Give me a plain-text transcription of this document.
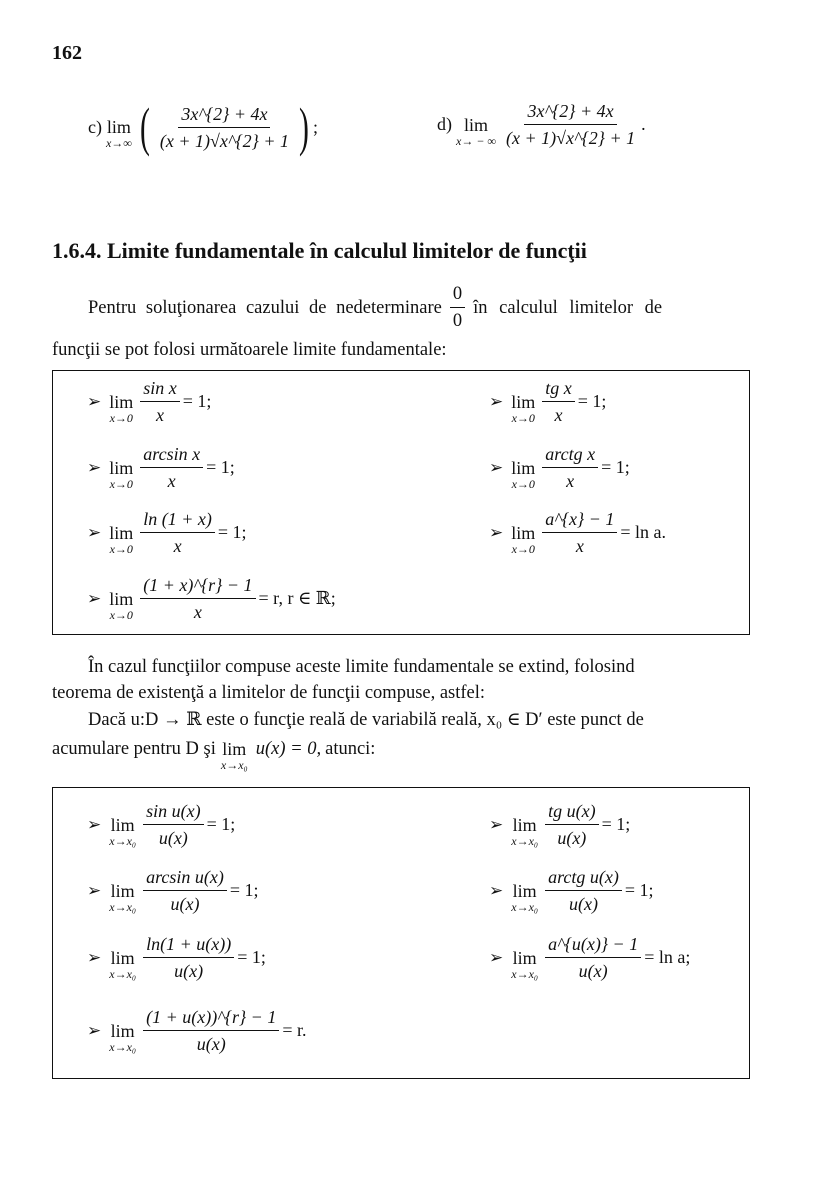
162
c) lim
x→∞ ( $\frac{3x\^{}\{2\} + 4x}{(x + 1)√x\^{}\{2\} + 1}$ ) ;	d) lim
x→ − ∞ $\frac{3x\^{}\{2\} + 4x}{(x + 1)√x\^{}\{2\} + 1}$ .
1.6.4. Limite fundamentale în calculul limitelor de funcţii
Pentru soluţionarea cazului de nedeterminare $\frac{0}{0}$ în calculul limitelor de
funcţii se pot folosi următoarele limite fundamentale:
➢ lim
$x\to 0 \frac{\text{sin x}}{x} = 1$;	➢ lim
$x\to 0 \frac{\text{tg x}}{x} = 1$;
➢ lim
$x\to 0 \frac{\text{arcsin x}}{x} = 1$;	➢ lim
$x\to 0 \frac{\text{arctg x}}{x} = 1$;
➢ lim
$x\to 0 \frac{\ln (1 + x)}{x} = 1$;	➢ lim
$x\to 0 \frac{a\^{}\{x\} - 1}{x} = \ln a$.
➢ lim
$x\to 0 \frac{(1 + x)\^{}\{r\} - 1}{x} = r$, r ∈ ℝ;
În cazul funcţiilor compuse aceste limite fundamentale se extind, folosind
teorema de existenţă a limitelor de funcţii compuse, astfel:
Dacă u:D → ℝ este o funcţie reală de variabilă reală, x₀ ∈ D′ este punct de
acumulare pentru D şi lim
x→x₀
u(x) = 0, atunci:
➢ lim
$x\to x_0 \frac{\text{sin u(x)}}{u(x)} = 1$;	➢ lim
$x\to x_0 \frac{\text{tg u(x)}}{u(x)} = 1$;
➢ lim
$x\to x_0 \frac{\text{arcsin u(x)}}{u(x)} = 1$;	➢ lim
$x\to x_0 \frac{\text{arctg u(x)}}{u(x)} = 1$;
➢ lim
$x\to x_0 \frac{\ln(1 + u(x))}{u(x)} = 1$;	➢ lim
$x\to x_0 \frac{a\^{}\{u(x)\} - 1}{u(x)} = \ln a$;
➢ lim
$x\to x_0 \frac{(1 + u(x))\^{}\{r\} - 1}{u(x)} = r$.
